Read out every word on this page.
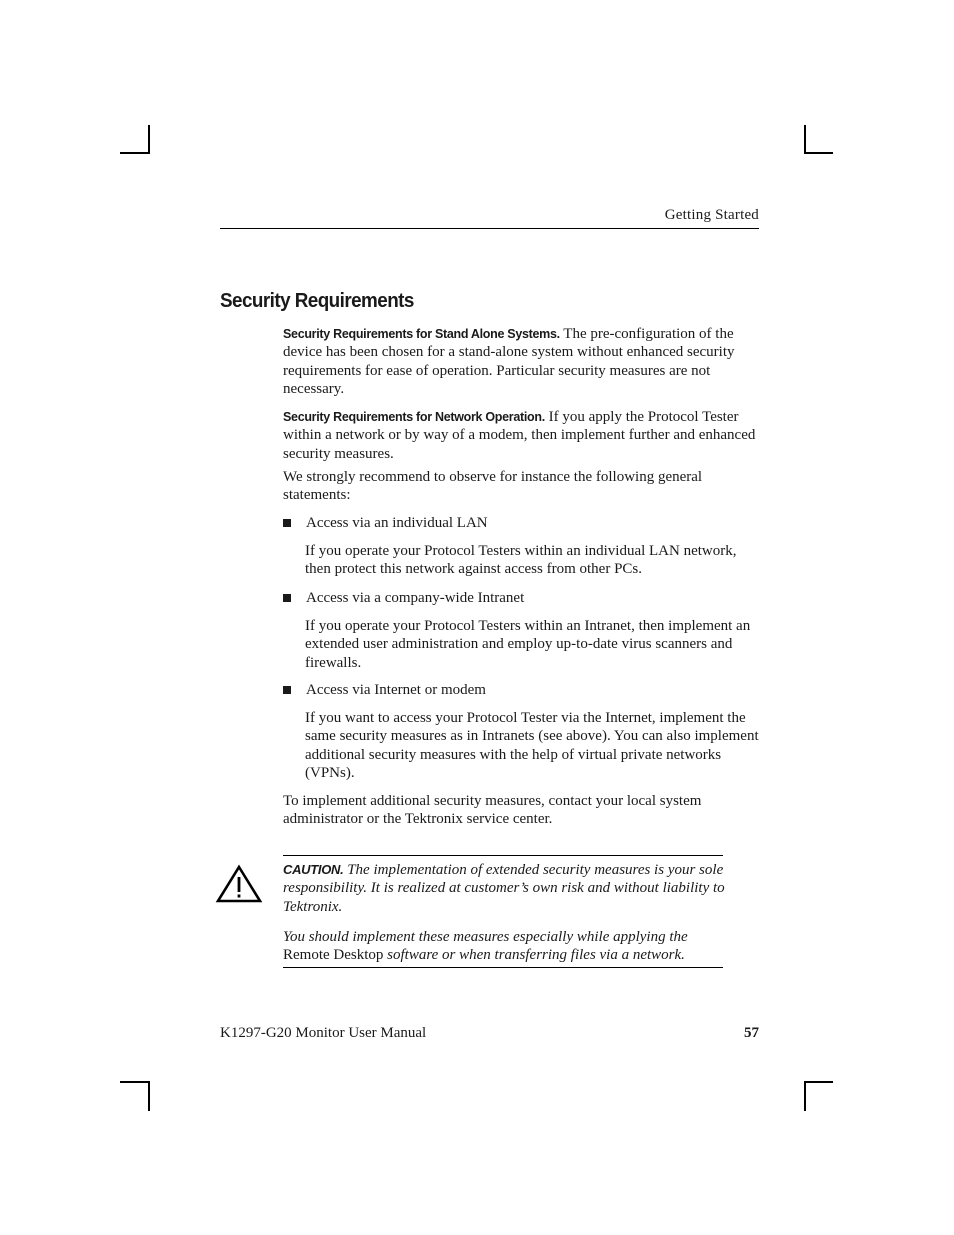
Getting Started
Security Requirements

Security Requirements for Stand Alone Systems. The pre-configuration of the device has been chosen for a stand-alone system without enhanced security requirements for ease of operation. Particular security measures are not necessary.

Security Requirements for Network Operation. If you apply the Protocol Tester within a network or by way of a modem, then implement further and enhanced security measures.

We strongly recommend to observe for instance the following general statements:

Access via an individual LAN

If you operate your Protocol Testers within an individual LAN network, then protect this network against access from other PCs.

Access via a company-wide Intranet

If you operate your Protocol Testers within an Intranet, then implement an extended user administration and employ up-to-date virus scanners and firewalls.

Access via Internet or modem

If you want to access your Protocol Tester via the Internet, implement the same security measures as in Intranets (see above). You can also implement additional security measures with the help of virtual private networks (VPNs).

To implement additional security measures, contact your local system administrator or the Tektronix service center.

CAUTION. The implementation of extended security measures is your sole responsibility. It is realized at customer’s own risk and without liability to Tektronix.

You should implement these measures especially while applying the Remote Desktop software or when transferring files via a network.

K1297-G20 Monitor User Manual	57
